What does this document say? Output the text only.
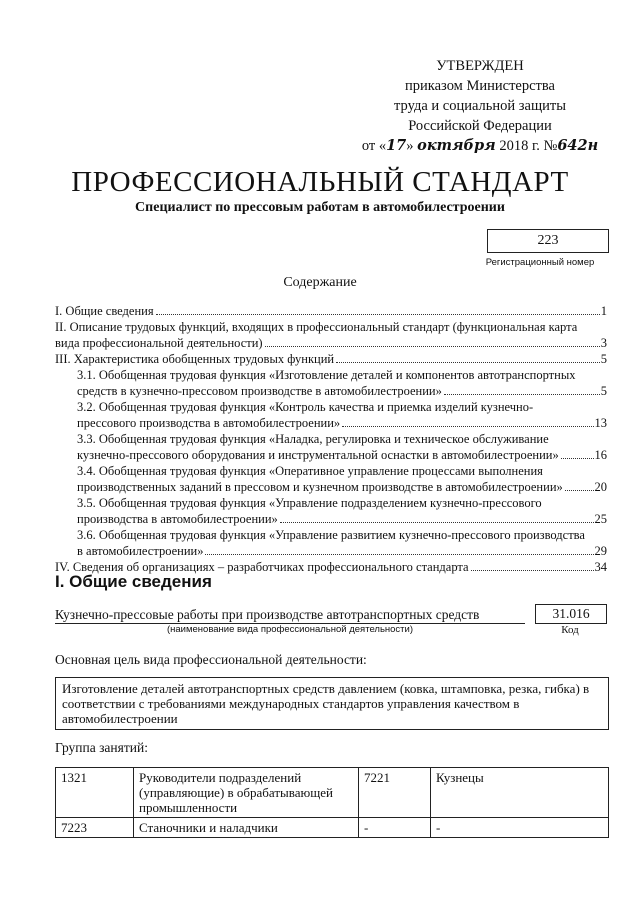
УТВЕРЖДЕН
приказом Министерства
труда и социальной защиты
Российской Федерации
от «17» октября 2018 г. №642н
ПРОФЕССИОНАЛЬНЫЙ СТАНДАРТ
Специалист по прессовым работам в автомобилестроении
223
Регистрационный номер
Содержание
I. Общие сведения	1
II. Описание трудовых функций, входящих в профессиональный стандарт (функциональная карта
вида профессиональной деятельности)	3
III. Характеристика обобщенных трудовых функций	5
3.1. Обобщенная трудовая функция «Изготовление деталей и компонентов автотранспортных
средств в кузнечно-прессовом производстве в автомобилестроении»	5
3.2. Обобщенная трудовая функция «Контроль качества и приемка изделий кузнечно-
прессового производства в автомобилестроении»	13
3.3. Обобщенная трудовая функция «Наладка, регулировка и техническое обслуживание
кузнечно-прессового оборудования и инструментальной оснастки в автомобилестроении»	16
3.4. Обобщенная трудовая функция «Оперативное управление процессами выполнения
производственных заданий в прессовом и кузнечном производстве в автомобилестроении»	20
3.5. Обобщенная трудовая функция «Управление подразделением кузнечно-прессового
производства в автомобилестроении»	25
3.6. Обобщенная трудовая функция «Управление развитием кузнечно-прессового производства
в автомобилестроении»	29
IV. Сведения об организациях – разработчиках профессионального стандарта	34
I. Общие сведения
Кузнечно-прессовые работы при производстве автотранспортных средств
(наименование вида профессиональной деятельности)
31.016
Код
Основная цель вида профессиональной деятельности:
Изготовление деталей автотранспортных средств давлением (ковка, штамповка, резка, гибка) в соответствии с требованиями международных стандартов управления качеством в автомобилестроении
Группа занятий:
1321	Руководители подразделений (управляющие) в обрабатывающей промышленности	7221	Кузнецы
7223	Станочники и наладчики	-	-
